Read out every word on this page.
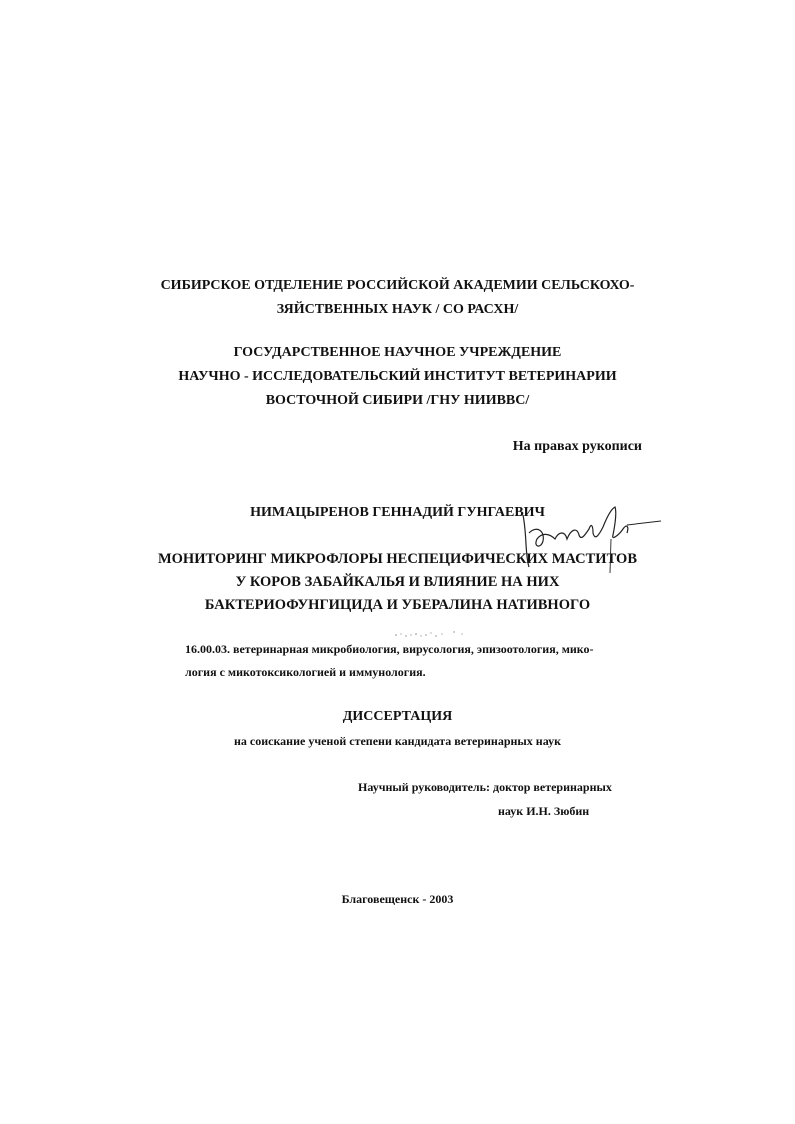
СИБИРСКОЕ ОТДЕЛЕНИЕ РОССИЙСКОЙ АКАДЕМИИ СЕЛЬСКОХО-
ЗЯЙСТВЕННЫХ НАУК / СО РАСХН/
ГОСУДАРСТВЕННОЕ НАУЧНОЕ УЧРЕЖДЕНИЕ
НАУЧНО - ИССЛЕДОВАТЕЛЬСКИЙ ИНСТИТУТ ВЕТЕРИНАРИИ
ВОСТОЧНОЙ СИБИРИ /ГНУ НИИВВС/
На правах рукописи
НИМАЦЫРЕНОВ ГЕННАДИЙ ГУНГАЕВИЧ
МОНИТОРИНГ МИКРОФЛОРЫ НЕСПЕЦИФИЧЕСКИХ МАСТИТОВ
У КОРОВ ЗАБАЙКАЛЬЯ И ВЛИЯНИЕ НА НИХ
БАКТЕРИОФУНГИЦИДА И УБЕРАЛИНА НАТИВНОГО
16.00.03. ветеринарная микробиология, вирусология, эпизоотология, мико-
логия с микотоксикологией и иммунология.
ДИССЕРТАЦИЯ
на соискание ученой степени кандидата ветеринарных наук
Научный руководитель: доктор ветеринарных
наук И.Н. Зюбин
Благовещенск - 2003
